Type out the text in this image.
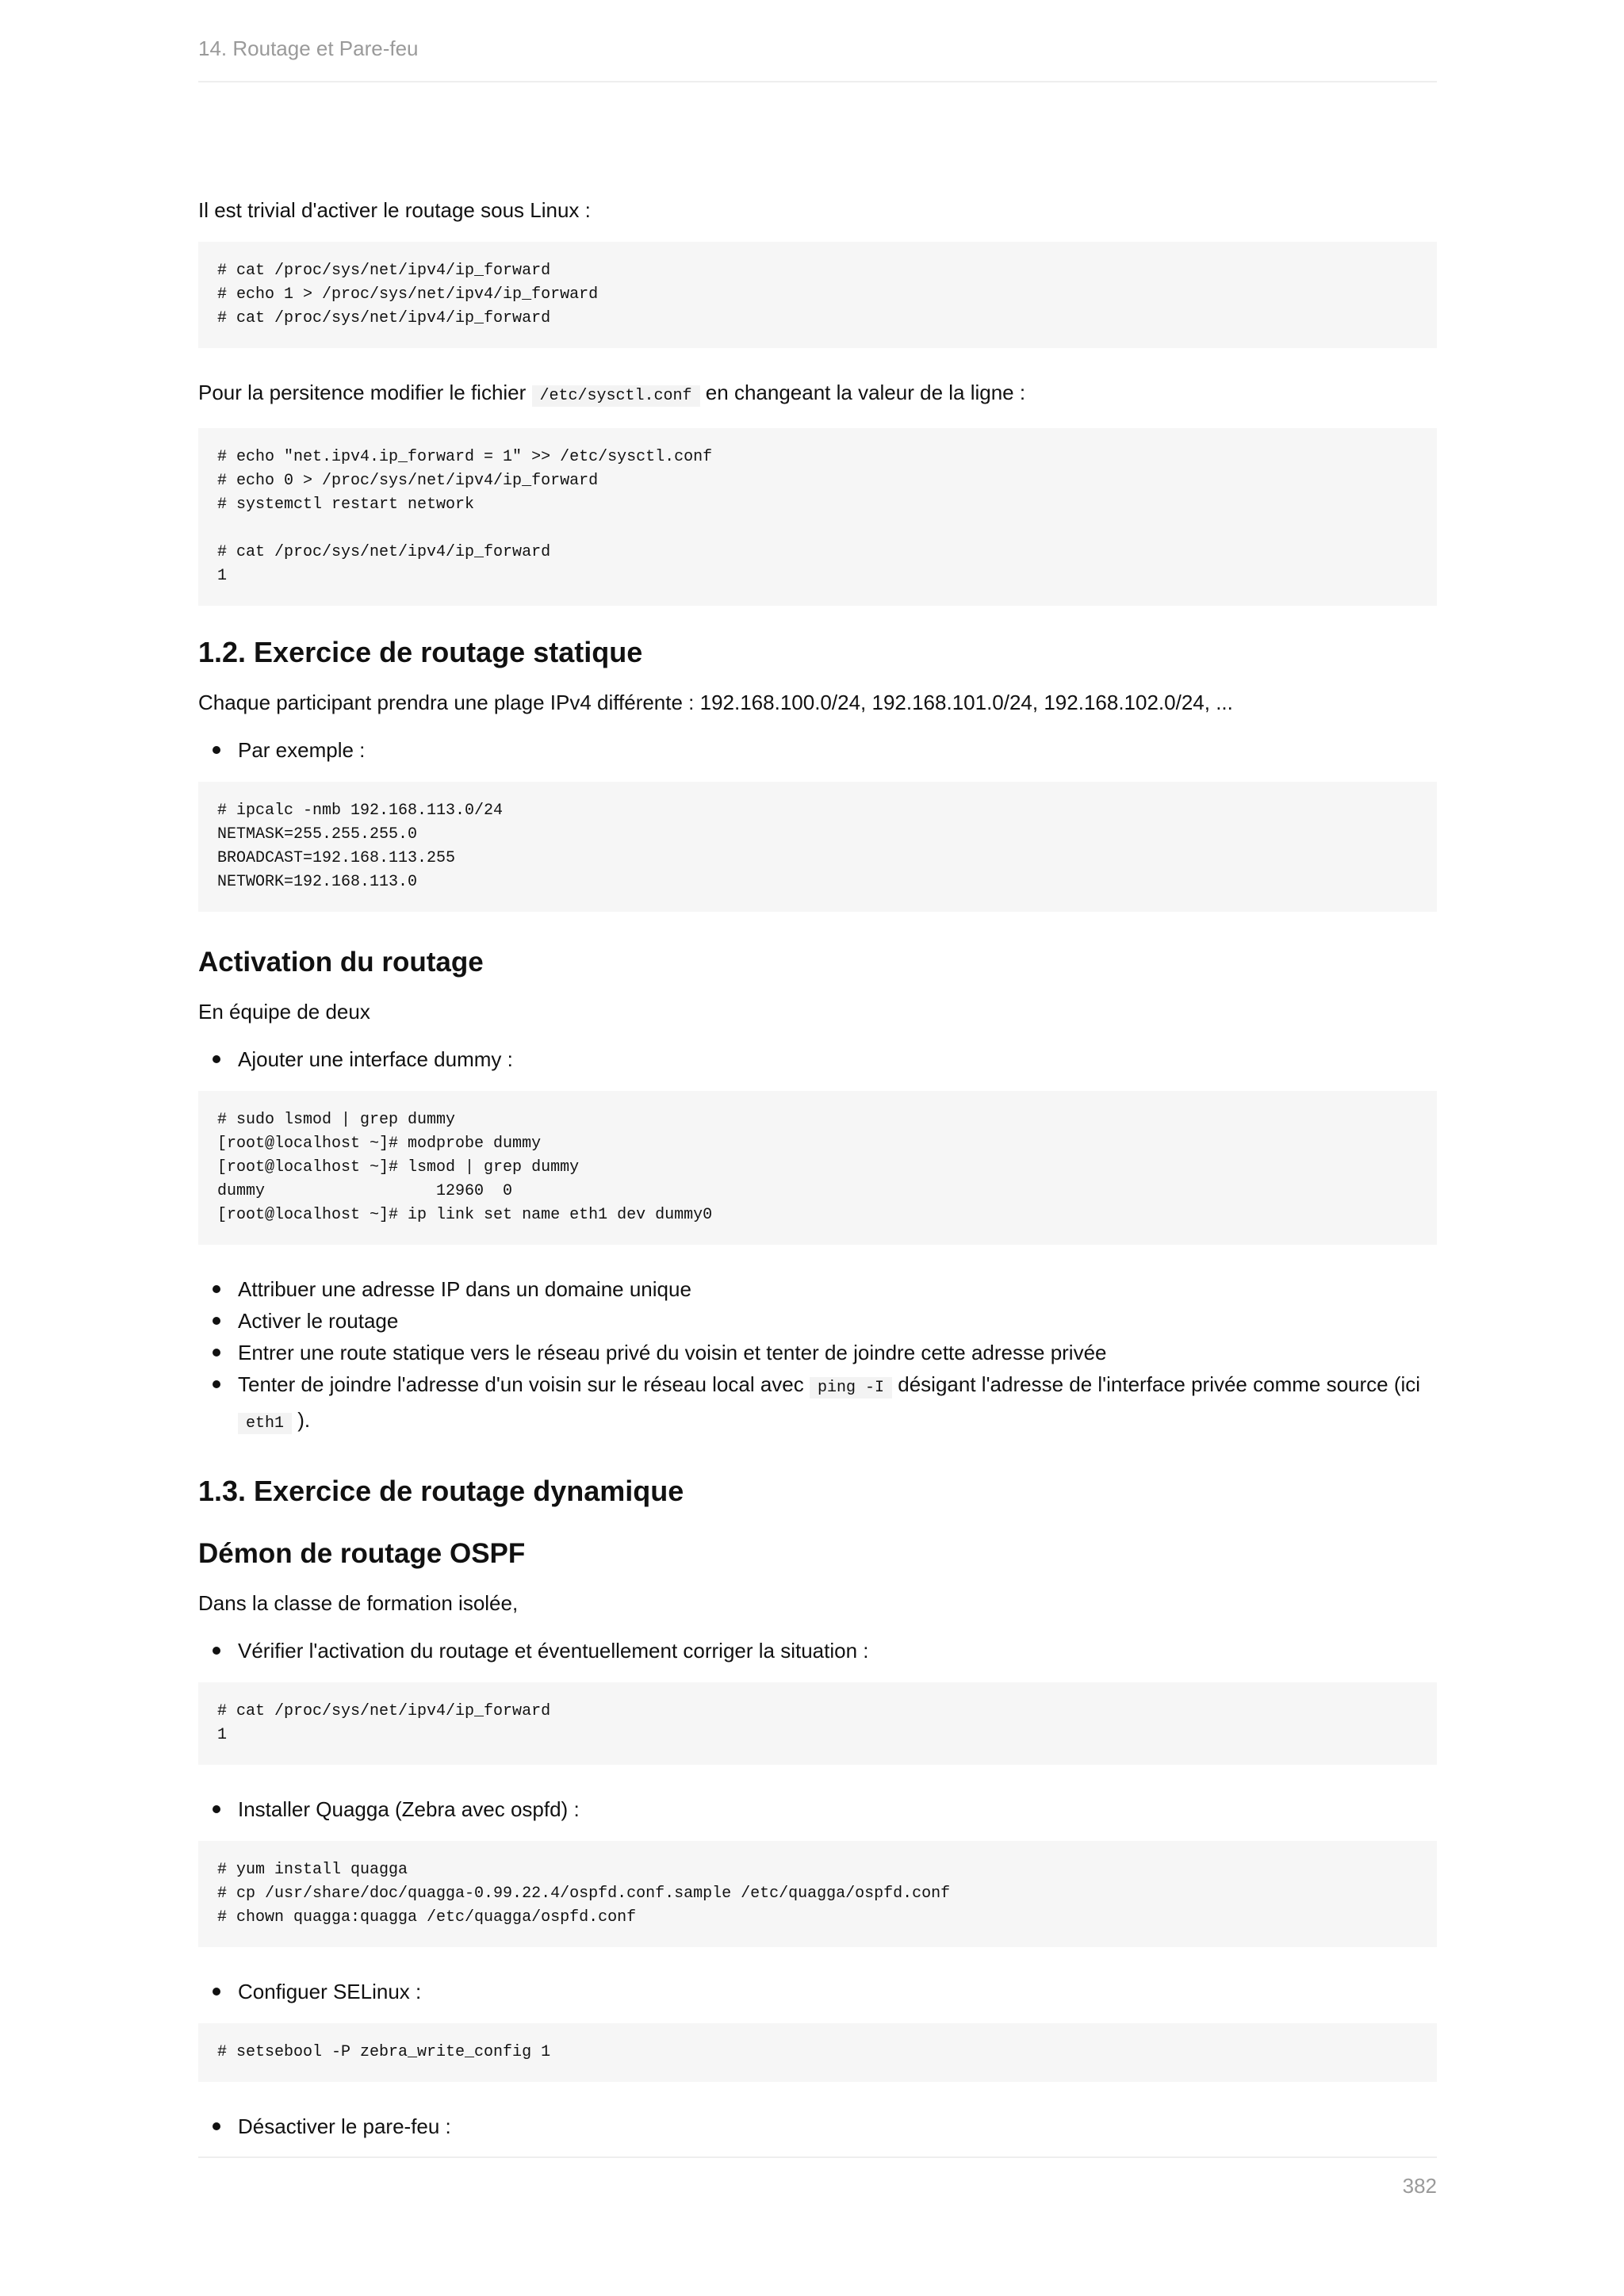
14. Routage et Pare-feu

Il est trivial d'activer le routage sous Linux :

# cat /proc/sys/net/ipv4/ip_forward
# echo 1 > /proc/sys/net/ipv4/ip_forward
# cat /proc/sys/net/ipv4/ip_forward

Pour la persitence modifier le fichier /etc/sysctl.conf en changeant la valeur de la ligne :

# echo "net.ipv4.ip_forward = 1" >> /etc/sysctl.conf
# echo 0 > /proc/sys/net/ipv4/ip_forward
# systemctl restart network

# cat /proc/sys/net/ipv4/ip_forward
1
1.2. Exercice de routage statique

Chaque participant prendra une plage IPv4 différente : 192.168.100.0/24, 192.168.101.0/24, 192.168.102.0/24, ...

Par exemple :
# ipcalc -nmb 192.168.113.0/24
NETMASK=255.255.255.0
BROADCAST=192.168.113.255
NETWORK=192.168.113.0
Activation du routage

En équipe de deux

Ajouter une interface dummy :
# sudo lsmod | grep dummy
[root@localhost ~]# modprobe dummy
[root@localhost ~]# lsmod | grep dummy
dummy                  12960  0
[root@localhost ~]# ip link set name eth1 dev dummy0
Attribuer une adresse IP dans un domaine unique
Activer le routage
Entrer une route statique vers le réseau privé du voisin et tenter de joindre cette adresse privée
Tenter de joindre l'adresse d'un voisin sur le réseau local avec ping -I désigant l'adresse de l'interface privée comme source (ici
eth1 ).
1.3. Exercice de routage dynamique
Démon de routage OSPF

Dans la classe de formation isolée,

Vérifier l'activation du routage et éventuellement corriger la situation :
# cat /proc/sys/net/ipv4/ip_forward
1
Installer Quagga (Zebra avec ospfd) :
# yum install quagga
# cp /usr/share/doc/quagga-0.99.22.4/ospfd.conf.sample /etc/quagga/ospfd.conf
# chown quagga:quagga /etc/quagga/ospfd.conf
Configuer SELinux :
# setsebool -P zebra_write_config 1
Désactiver le pare-feu :
382
